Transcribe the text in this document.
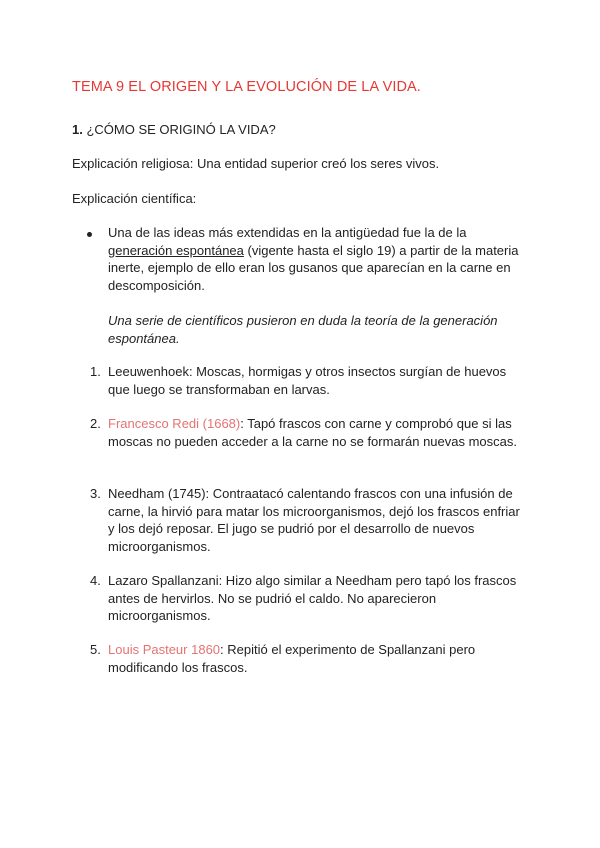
TEMA 9 EL ORIGEN Y LA EVOLUCIÓN DE LA VIDA.
1. ¿CÓMO SE ORIGINÓ LA VIDA?
Explicación religiosa: Una entidad superior creó los seres vivos.
Explicación científica:
Una de las ideas más extendidas en la antigüedad fue la de la generación espontánea (vigente hasta el siglo 19) a partir de la materia inerte, ejemplo de ello eran los gusanos que aparecían en la carne en descomposición.
Una serie de científicos pusieron en duda la teoría de la generación espontánea.
1. Leeuwenhoek: Moscas, hormigas y otros insectos surgían de huevos que luego se transformaban en larvas.
2. Francesco Redi (1668): Tapó frascos con carne y comprobó que si las moscas no pueden acceder a la carne no se formarán nuevas moscas.
3. Needham (1745): Contraatacó calentando frascos con una infusión de carne, la hirvió para matar los microorganismos, dejó los frascos enfriar y los dejó reposar. El jugo se pudrió por el desarrollo de nuevos microorganismos.
4. Lazaro Spallanzani: Hizo algo similar a Needham pero tapó los frascos antes de hervirlos. No se pudrió el caldo. No aparecieron microorganismos.
5. Louis Pasteur 1860: Repitió el experimento de Spallanzani pero modificando los frascos.
